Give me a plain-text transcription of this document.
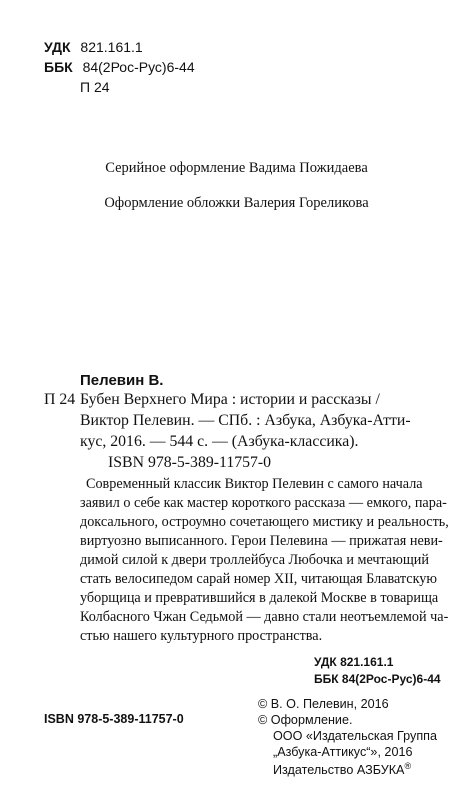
УДК 821.161.1
ББК 84(2Рос-Рус)6-44
П 24
Серийное оформление Вадима Пожидаева
Оформление обложки Валерия Гореликова
Пелевин В.
П 24 Бубен Верхнего Мира : истории и рассказы /
Виктор Пелевин. — СПб. : Азбука, Азбука-Атти-
кус, 2016. — 544 с. — (Азбука-классика).
ISBN 978-5-389-11757-0
Современный классик Виктор Пелевин с самого начала
заявил о себе как мастер короткого рассказа — емкого, пара-
доксального, остроумно сочетающего мистику и реальность,
виртуозно выписанного. Герои Пелевина — прижатая неви-
димой силой к двери троллейбуса Любочка и мечтающий
стать велосипедом сарай номер XII, читающая Блаватскую
уборщица и превратившийся в далекой Москве в товарища
Колбасного Чжан Седьмой — давно стали неотъемлемой ча-
стью нашего культурного пространства.
УДК 821.161.1
ББК 84(2Рос-Рус)6-44
© В. О. Пелевин, 2016
© Оформление.
ООО «Издательская Группа
„Азбука-Аттикус“», 2016
Издательство АЗБУКА®
ISBN 978-5-389-11757-0
